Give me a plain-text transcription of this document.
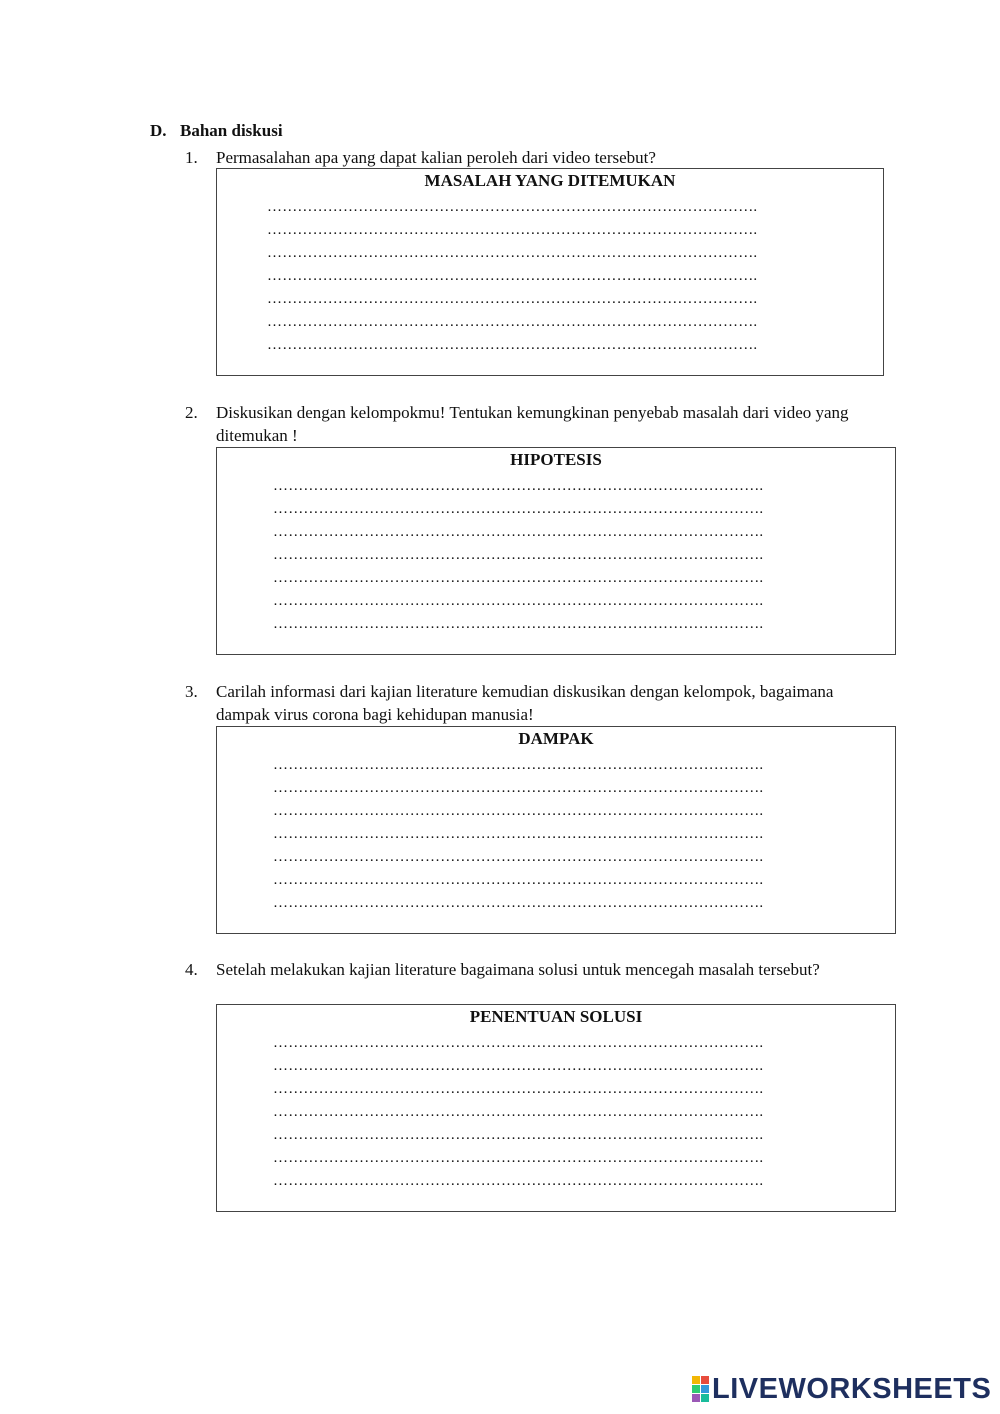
D. Bahan diskusi
1. Permasalahan apa yang dapat kalian peroleh dari video tersebut?
MASALAH YANG DITEMUKAN
…………………………………………………………………………………….
…………………………………………………………………………………….
…………………………………………………………………………………….
…………………………………………………………………………………….
…………………………………………………………………………………….
…………………………………………………………………………………….
…………………………………………………………………………………….
2. Diskusikan dengan kelompokmu! Tentukan kemungkinan penyebab masalah dari video yang ditemukan !
HIPOTESIS
…………………………………………………………………………………….
…………………………………………………………………………………….
…………………………………………………………………………………….
…………………………………………………………………………………….
…………………………………………………………………………………….
…………………………………………………………………………………….
…………………………………………………………………………………….
3. Carilah informasi dari kajian literature kemudian diskusikan dengan kelompok, bagaimana dampak virus corona bagi kehidupan manusia!
DAMPAK
…………………………………………………………………………………….
…………………………………………………………………………………….
…………………………………………………………………………………….
…………………………………………………………………………………….
…………………………………………………………………………………….
…………………………………………………………………………………….
…………………………………………………………………………………….
4. Setelah melakukan kajian literature bagaimana solusi untuk mencegah masalah tersebut?
PENENTUAN SOLUSI
…………………………………………………………………………………….
…………………………………………………………………………………….
…………………………………………………………………………………….
…………………………………………………………………………………….
…………………………………………………………………………………….
…………………………………………………………………………………….
…………………………………………………………………………………….
LIVEWORKSHEETS
